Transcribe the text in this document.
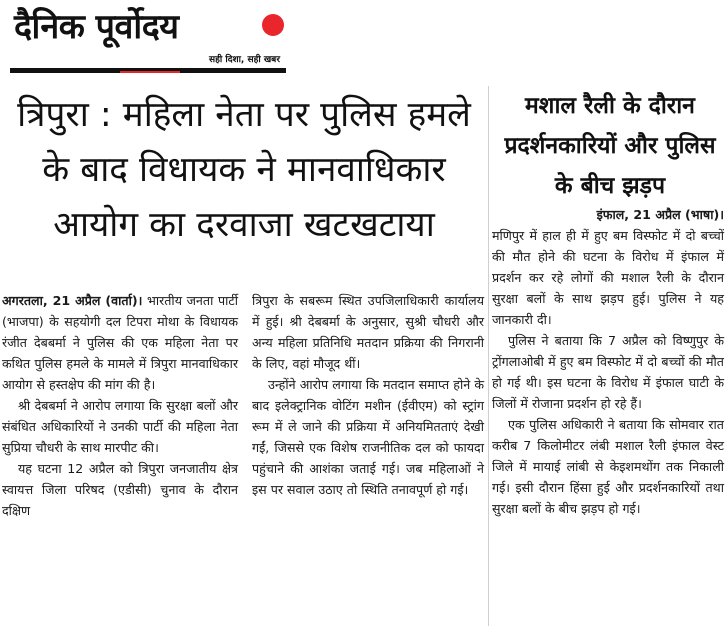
दैनिक पूर्वोदय
सही दिशा, सही खबर
त्रिपुरा : महिला नेता पर पुलिस हमले के बाद विधायक ने मानवाधिकार आयोग का दरवाजा खटखटाया
मशाल रैली के दौरान प्रदर्शनकारियों और पुलिस के बीच झड़प

अगरतला, 21 अप्रैल (वार्ता)। भारतीय जनता पार्टी (भाजपा) के सहयोगी दल टिपरा मोथा के विधायक रंजीत देबबर्मा ने पुलिस की एक महिला नेता पर कथित पुलिस हमले के मामले में त्रिपुरा मानवाधिकार आयोग से हस्तक्षेप की मांग की है।

श्री देबबर्मा ने आरोप लगाया कि सुरक्षा बलों और संबंधित अधिकारियों ने उनकी पार्टी की महिला नेता सुप्रिया चौधरी के साथ मारपीट की।

यह घटना 12 अप्रैल को त्रिपुरा जनजातीय क्षेत्र स्वायत्त जिला परिषद (एडीसी) चुनाव के दौरान दक्षिण

त्रिपुरा के सबरूम स्थित उपजिलाधिकारी कार्यालय में हुई। श्री देबबर्मा के अनुसार, सुश्री चौधरी और अन्य महिला प्रतिनिधि मतदान प्रक्रिया की निगरानी के लिए, वहां मौजूद थीं।

उन्होंने आरोप लगाया कि मतदान समाप्त होने के बाद इलेक्ट्रानिक वोटिंग मशीन (ईवीएम) को स्ट्रांग रूम में ले जाने की प्रक्रिया में अनियमितताएं देखी गईं, जिससे एक विशेष राजनीतिक दल को फायदा पहुंचाने की आशंका जताई गई। जब महिलाओं ने इस पर सवाल उठाए तो स्थिति तनावपूर्ण हो गई।

इंफाल, 21 अप्रैल (भाषा)।

मणिपुर में हाल ही में हुए बम विस्फोट में दो बच्चों की मौत होने की घटना के विरोध में इंफाल में प्रदर्शन कर रहे लोगों की मशाल रैली के दौरान सुरक्षा बलों के साथ झड़प हुई। पुलिस ने यह जानकारी दी।

पुलिस ने बताया कि 7 अप्रैल को विष्णुपुर के ट्रोंगलाओबी में हुए बम विस्फोट में दो बच्चों की मौत हो गई थी। इस घटना के विरोध में इंफाल घाटी के जिलों में रोजाना प्रदर्शन हो रहे हैं।

एक पुलिस अधिकारी ने बताया कि सोमवार रात करीब 7 किलोमीटर लंबी मशाल रैली इंफाल वेस्ट जिले में मायाई लांबी से केइशमथोंग तक निकाली गई। इसी दौरान हिंसा हुई और प्रदर्शनकारियों तथा सुरक्षा बलों के बीच झड़प हो गई।
